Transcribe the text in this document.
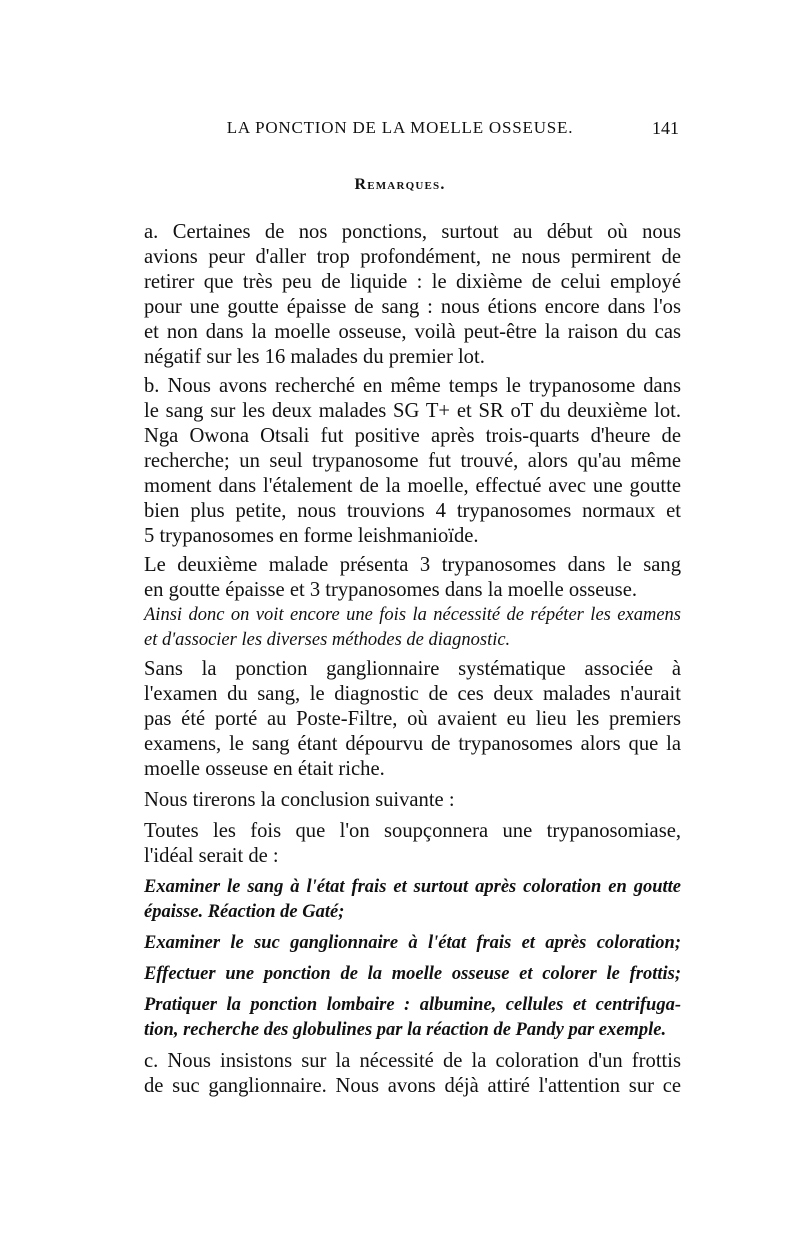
LA PONCTION DE LA MOELLE OSSEUSE.	141
Remarques.

a. Certaines de nos ponctions, surtout au début où nous
avions peur d'aller trop profondément, ne nous permirent de
retirer que très peu de liquide : le dixième de celui employé
pour une goutte épaisse de sang : nous étions encore dans l'os
et non dans la moelle osseuse, voilà peut-être la raison du cas
négatif sur les 16 malades du premier lot.

b. Nous avons recherché en même temps le trypanosome dans
le sang sur les deux malades SG T+ et SR oT du deuxième lot.
Nga Owona Otsali fut positive après trois-quarts d'heure de
recherche; un seul trypanosome fut trouvé, alors qu'au même
moment dans l'étalement de la moelle, effectué avec une goutte
bien plus petite, nous trouvions 4 trypanosomes normaux et
5 trypanosomes en forme leishmanioïde.

Le deuxième malade présenta 3 trypanosomes dans le sang
en goutte épaisse et 3 trypanosomes dans la moelle osseuse.

Ainsi donc on voit encore une fois la nécessité de répéter les examens
et d'associer les diverses méthodes de diagnostic.

Sans la ponction ganglionnaire systématique associée à
l'examen du sang, le diagnostic de ces deux malades n'aurait
pas été porté au Poste-Filtre, où avaient eu lieu les premiers
examens, le sang étant dépourvu de trypanosomes alors que la
moelle osseuse en était riche.

Nous tirerons la conclusion suivante :

Toutes les fois que l'on soupçonnera une trypanosomiase,
l'idéal serait de :

Examiner le sang à l'état frais et surtout après coloration en goutte
épaisse. Réaction de Gaté;

Examiner le suc ganglionnaire à l'état frais et après coloration;

Effectuer une ponction de la moelle osseuse et colorer le frottis;

Pratiquer la ponction lombaire : albumine, cellules et centrifuga-
tion, recherche des globulines par la réaction de Pandy par exemple.

c. Nous insistons sur la nécessité de la coloration d'un frottis
de suc ganglionnaire. Nous avons déjà attiré l'attention sur ce
